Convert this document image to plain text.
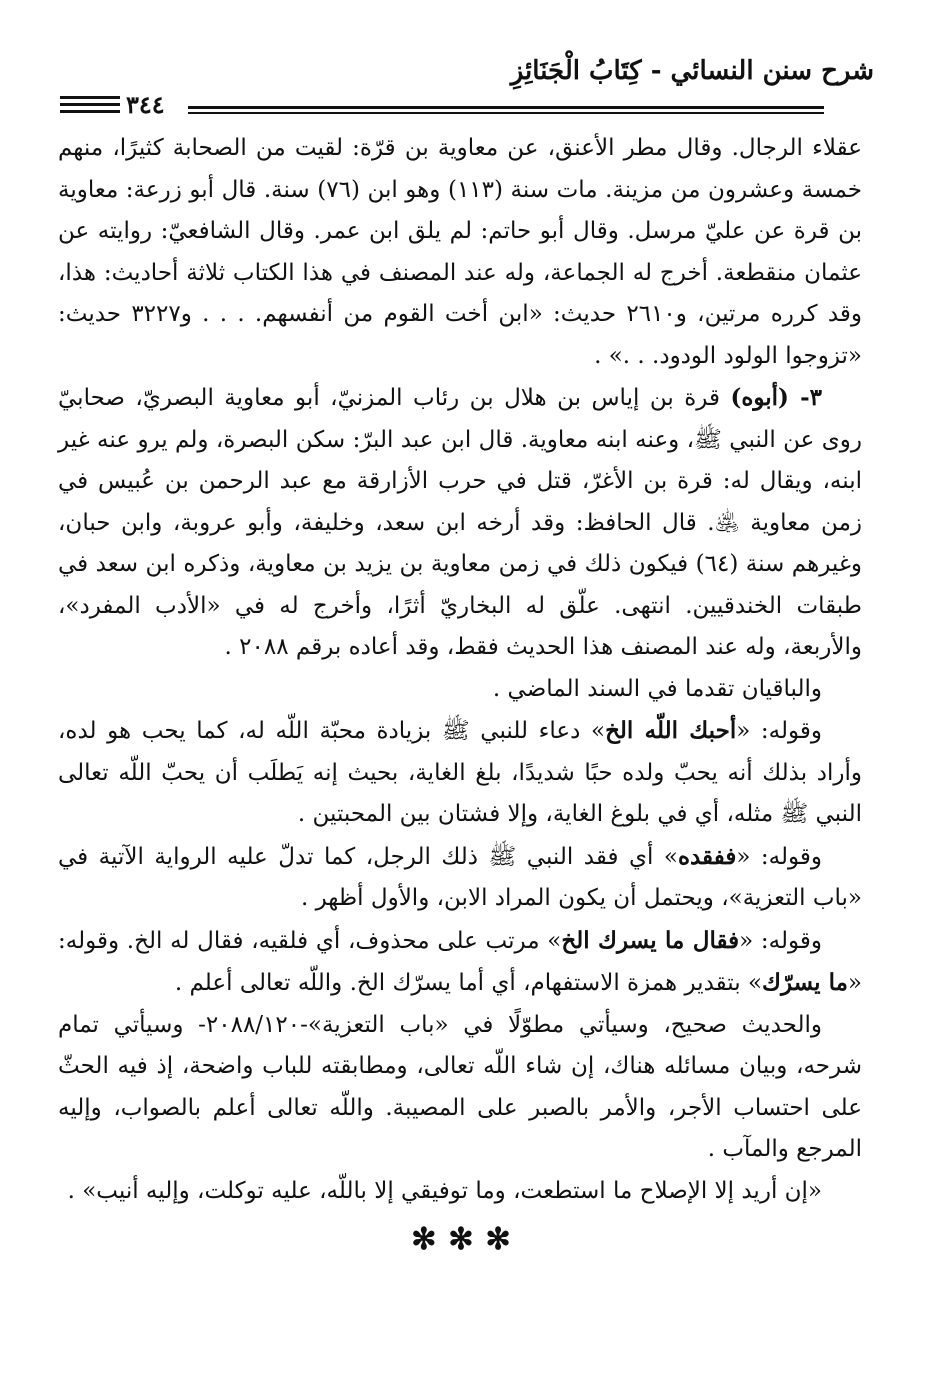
شرح سنن النسائي - كِتَابُ الْجَنَائِزِ
٣٤٤

عقلاء الرجال. وقال مطر الأعنق، عن معاوية بن قرّة: لقيت من الصحابة كثيرًا، منهم خمسة وعشرون من مزينة. مات سنة (١١٣) وهو ابن (٧٦) سنة. قال أبو زرعة: معاوية بن قرة عن عليّ مرسل. وقال أبو حاتم: لم يلق ابن عمر. وقال الشافعيّ: روايته عن عثمان منقطعة. أخرج له الجماعة، وله عند المصنف في هذا الكتاب ثلاثة أحاديث: هذا، وقد كرره مرتين، و٢٦١٠ حديث: «ابن أخت القوم من أنفسهم. . . . و٣٢٢٧ حديث: «تزوجوا الولود الودود. . .» .

٣- (أبوه) قرة بن إياس بن هلال بن رئاب المزنيّ، أبو معاوية البصريّ، صحابيّ روى عن النبي ﷺ، وعنه ابنه معاوية. قال ابن عبد البرّ: سكن البصرة، ولم يرو عنه غير ابنه، ويقال له: قرة بن الأغرّ، قتل في حرب الأزارقة مع عبد الرحمن بن عُبيس في زمن معاوية ﵁. قال الحافظ: وقد أرخه ابن سعد، وخليفة، وأبو عروبة، وابن حبان، وغيرهم سنة (٦٤) فيكون ذلك في زمن معاوية بن يزيد بن معاوية، وذكره ابن سعد في طبقات الخندقيين. انتهى. علّق له البخاريّ أثرًا، وأخرج له في «الأدب المفرد»، والأربعة، وله عند المصنف هذا الحديث فقط، وقد أعاده برقم ٢٠٨٨ .

والباقيان تقدما في السند الماضي .

وقوله: «أحبك اللّه الخ» دعاء للنبي ﷺ بزيادة محبّة اللّه له، كما يحب هو لده، وأراد بذلك أنه يحبّ ولده حبًا شديدًا، بلغ الغاية، بحيث إنه يَطلَب أن يحبّ اللّه تعالى النبي ﷺ مثله، أي في بلوغ الغاية، وإلا فشتان بين المحبتين .

وقوله: «ففقده» أي فقد النبي ﷺ ذلك الرجل، كما تدلّ عليه الرواية الآتية في «باب التعزية»، ويحتمل أن يكون المراد الابن، والأول أظهر .

وقوله: «فقال ما يسرك الخ» مرتب على محذوف، أي فلقيه، فقال له الخ. وقوله: «ما يسرّك» بتقدير همزة الاستفهام، أي أما يسرّك الخ. واللّه تعالى أعلم .

والحديث صحيح، وسيأتي مطوّلًا في «باب التعزية»-٢٠٨٨/١٢٠- وسيأتي تمام شرحه، وبيان مسائله هناك، إن شاء اللّه تعالى، ومطابقته للباب واضحة، إذ فيه الحثّ على احتساب الأجر، والأمر بالصبر على المصيبة. واللّه تعالى أعلم بالصواب، وإليه المرجع والمآب .

«إن أريد إلا الإصلاح ما استطعت، وما توفيقي إلا باللّه، عليه توكلت، وإليه أنيب» .

✻✻✻
